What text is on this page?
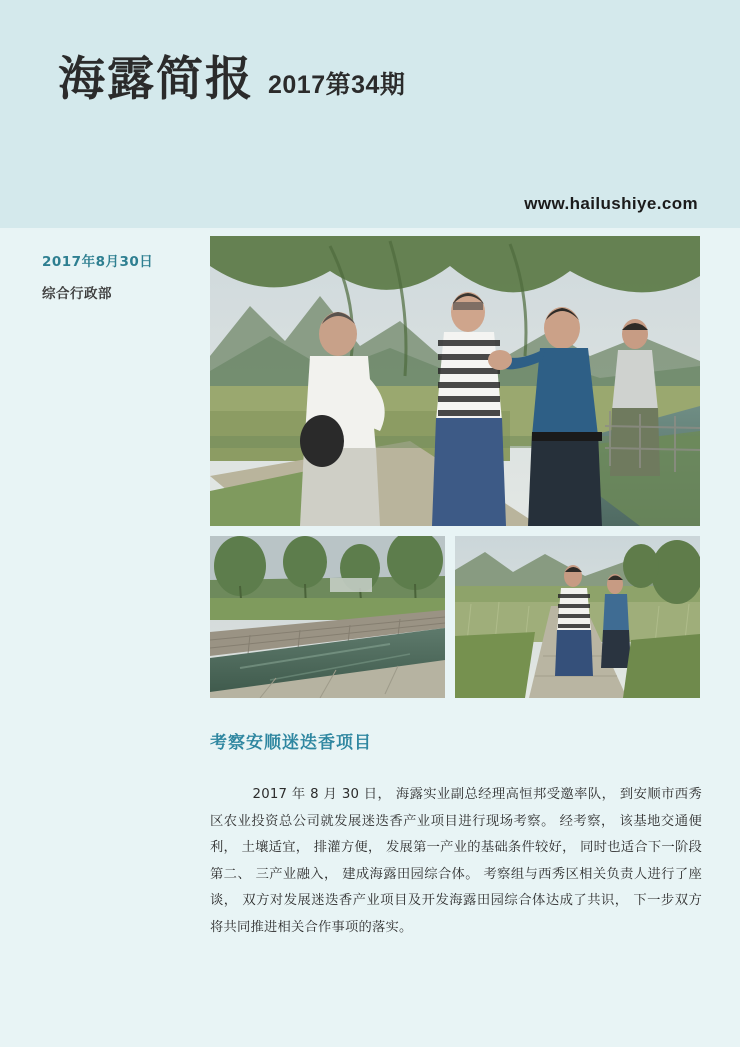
海露简报 2017第34期
www.hailushiye.com
2017年8月30日
综合行政部
考察安顺迷迭香项目
2017 年 8 月 30 日， 海露实业副总经理高恒邦受邀率队， 到安顺市西秀区农业投资总公司就发展迷迭香产业项目进行现场考察。 经考察， 该基地交通便利， 土壤适宜， 排灌方便， 发展第一产业的基础条件较好， 同时也适合下一阶段第二、 三产业融入， 建成海露田园综合体。 考察组与西秀区相关负责人进行了座谈， 双方对发展迷迭香产业项目及开发海露田园综合体达成了共识， 下一步双方将共同推进相关合作事项的落实。
